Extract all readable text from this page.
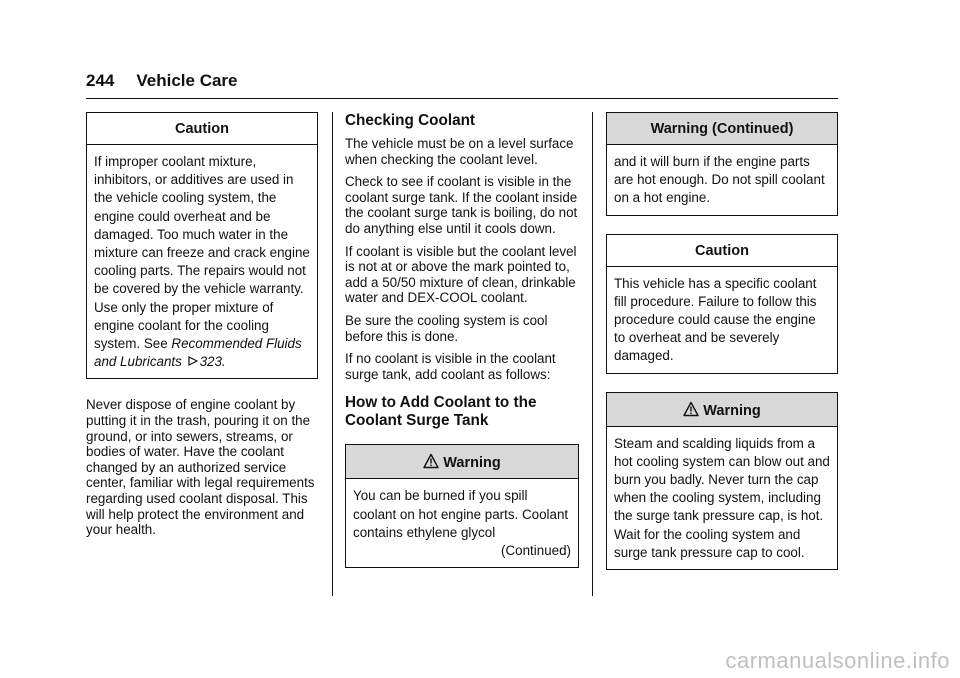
244 Vehicle Care
Caution
If improper coolant mixture, inhibitors, or additives are used in the vehicle cooling system, the engine could overheat and be damaged. Too much water in the mixture can freeze and crack engine cooling parts. The repairs would not be covered by the vehicle warranty. Use only the proper mixture of engine coolant for the cooling system. See Recommended Fluids and Lubricants 323.

Never dispose of engine coolant by putting it in the trash, pouring it on the ground, or into sewers, streams, or bodies of water. Have the coolant changed by an authorized service center, familiar with legal requirements regarding used coolant disposal. This will help protect the environment and your health.

Checking Coolant

The vehicle must be on a level surface when checking the coolant level.

Check to see if coolant is visible in the coolant surge tank. If the coolant inside the coolant surge tank is boiling, do not do anything else until it cools down.

If coolant is visible but the coolant level is not at or above the mark pointed to, add a 50/50 mixture of clean, drinkable water and DEX-COOL coolant.

Be sure the cooling system is cool before this is done.

If no coolant is visible in the coolant surge tank, add coolant as follows:

How to Add Coolant to the Coolant Surge Tank
Warning

You can be burned if you spill coolant on hot engine parts. Coolant contains ethylene glycol

(Continued)

Warning (Continued)
and it will burn if the engine parts are hot enough. Do not spill coolant on a hot engine.
Caution
This vehicle has a specific coolant fill procedure. Failure to follow this procedure could cause the engine to overheat and be severely damaged.
Warning
Steam and scalding liquids from a hot cooling system can blow out and burn you badly. Never turn the cap when the cooling system, including the surge tank pressure cap, is hot. Wait for the cooling system and surge tank pressure cap to cool.
carmanualsonline.info
